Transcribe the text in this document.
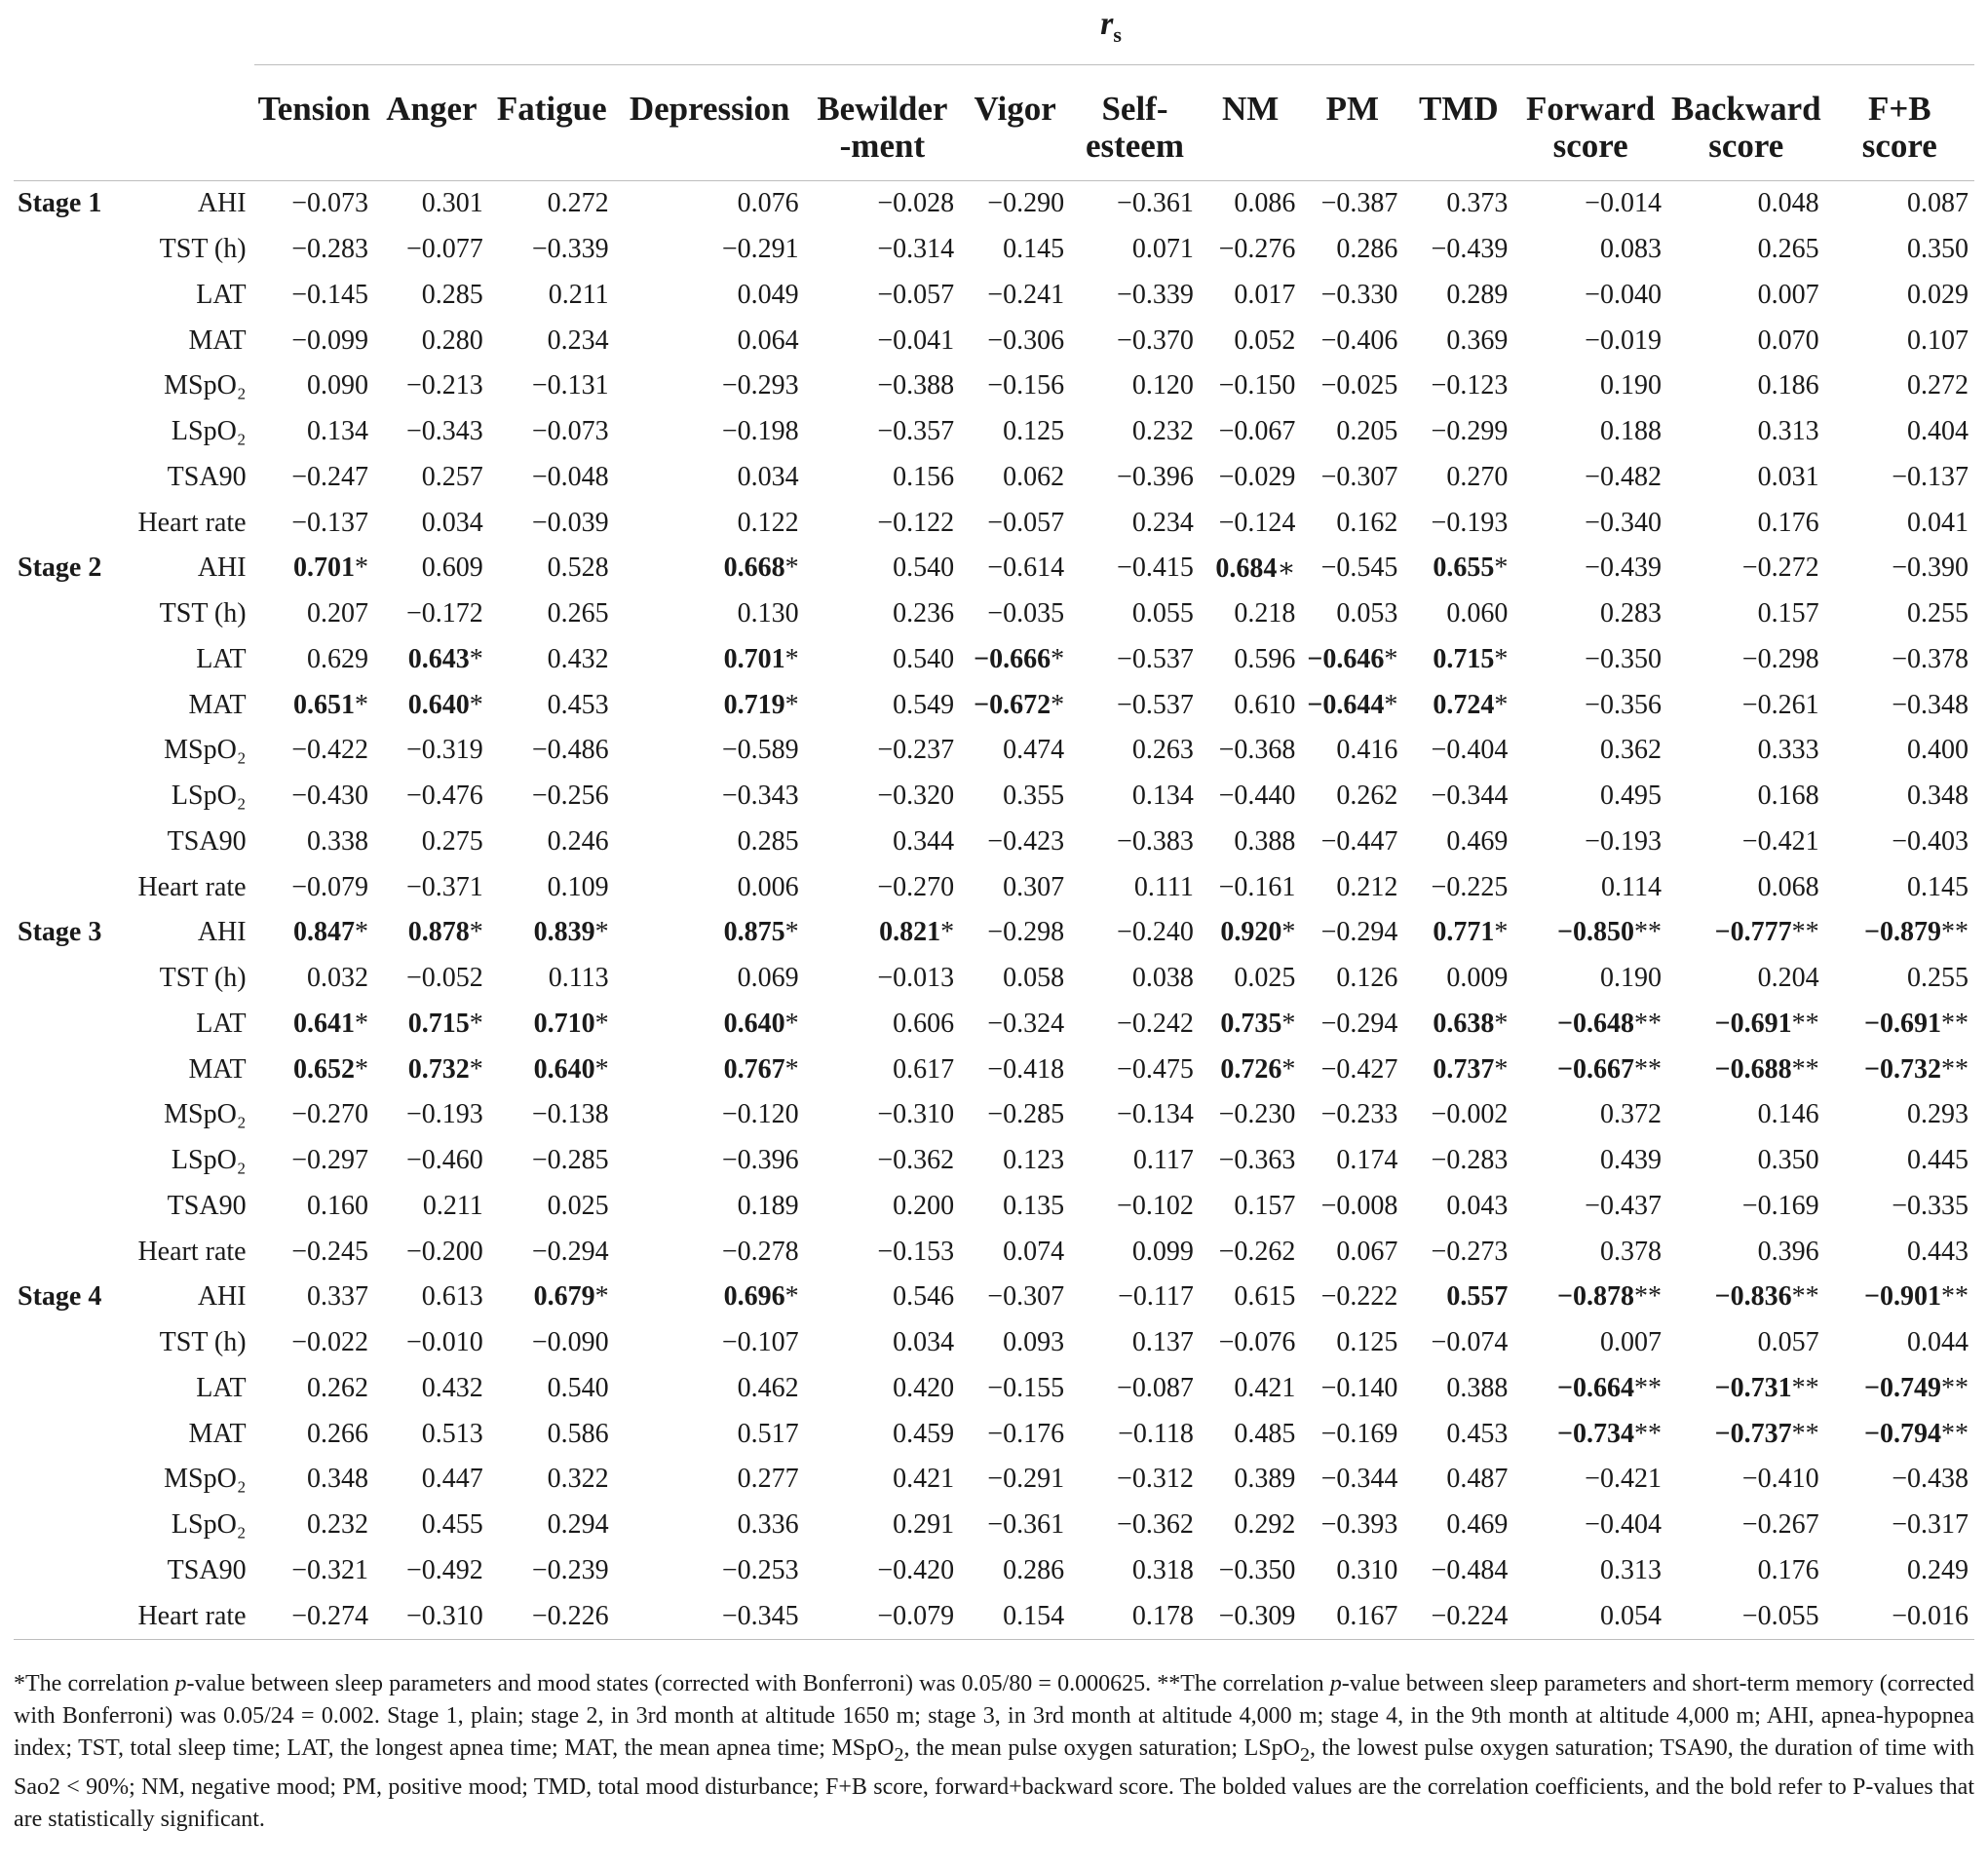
$r_s$
		Tension	Anger	Fatigue	Depression	Bewilder -ment	Vigor	Self- esteem	NM	PM	TMD	Forward score	Backward score	F+B score
Stage 1	AHI	−0.073	0.301	0.272	0.076	−0.028	−0.290	−0.361	0.086	−0.387	0.373	−0.014	0.048	0.087
	TST (h)	−0.283	−0.077	−0.339	−0.291	−0.314	0.145	0.071	−0.276	0.286	−0.439	0.083	0.265	0.350
	LAT	−0.145	0.285	0.211	0.049	−0.057	−0.241	−0.339	0.017	−0.330	0.289	−0.040	0.007	0.029
	MAT	−0.099	0.280	0.234	0.064	−0.041	−0.306	−0.370	0.052	−0.406	0.369	−0.019	0.070	0.107
	MSpO₂	0.090	−0.213	−0.131	−0.293	−0.388	−0.156	0.120	−0.150	−0.025	−0.123	0.190	0.186	0.272
	LSpO₂	0.134	−0.343	−0.073	−0.198	−0.357	0.125	0.232	−0.067	0.205	−0.299	0.188	0.313	0.404
	TSA90	−0.247	0.257	−0.048	0.034	0.156	0.062	−0.396	−0.029	−0.307	0.270	−0.482	0.031	−0.137
	Heart rate	−0.137	0.034	−0.039	0.122	−0.122	−0.057	0.234	−0.124	0.162	−0.193	−0.340	0.176	0.041
Stage 2	AHI	0.701*	0.609	0.528	0.668*	0.540	−0.614	−0.415	0.684∗	−0.545	0.655*	−0.439	−0.272	−0.390
	TST (h)	0.207	−0.172	0.265	0.130	0.236	−0.035	0.055	0.218	0.053	0.060	0.283	0.157	0.255
	LAT	0.629	0.643*	0.432	0.701*	0.540	−0.666*	−0.537	0.596	−0.646*	0.715*	−0.350	−0.298	−0.378
	MAT	0.651*	0.640*	0.453	0.719*	0.549	−0.672*	−0.537	0.610	−0.644*	0.724*	−0.356	−0.261	−0.348
	MSpO₂	−0.422	−0.319	−0.486	−0.589	−0.237	0.474	0.263	−0.368	0.416	−0.404	0.362	0.333	0.400
	LSpO₂	−0.430	−0.476	−0.256	−0.343	−0.320	0.355	0.134	−0.440	0.262	−0.344	0.495	0.168	0.348
	TSA90	0.338	0.275	0.246	0.285	0.344	−0.423	−0.383	0.388	−0.447	0.469	−0.193	−0.421	−0.403
	Heart rate	−0.079	−0.371	0.109	0.006	−0.270	0.307	0.111	−0.161	0.212	−0.225	0.114	0.068	0.145
Stage 3	AHI	0.847*	0.878*	0.839*	0.875*	0.821*	−0.298	−0.240	0.920*	−0.294	0.771*	−0.850**	−0.777**	−0.879**
	TST (h)	0.032	−0.052	0.113	0.069	−0.013	0.058	0.038	0.025	0.126	0.009	0.190	0.204	0.255
	LAT	0.641*	0.715*	0.710*	0.640*	0.606	−0.324	−0.242	0.735*	−0.294	0.638*	−0.648**	−0.691**	−0.691**
	MAT	0.652*	0.732*	0.640*	0.767*	0.617	−0.418	−0.475	0.726*	−0.427	0.737*	−0.667**	−0.688**	−0.732**
	MSpO₂	−0.270	−0.193	−0.138	−0.120	−0.310	−0.285	−0.134	−0.230	−0.233	−0.002	0.372	0.146	0.293
	LSpO₂	−0.297	−0.460	−0.285	−0.396	−0.362	0.123	0.117	−0.363	0.174	−0.283	0.439	0.350	0.445
	TSA90	0.160	0.211	0.025	0.189	0.200	0.135	−0.102	0.157	−0.008	0.043	−0.437	−0.169	−0.335
	Heart rate	−0.245	−0.200	−0.294	−0.278	−0.153	0.074	0.099	−0.262	0.067	−0.273	0.378	0.396	0.443
Stage 4	AHI	0.337	0.613	0.679*	0.696*	0.546	−0.307	−0.117	0.615	−0.222	0.557	−0.878**	−0.836**	−0.901**
	TST (h)	−0.022	−0.010	−0.090	−0.107	0.034	0.093	0.137	−0.076	0.125	−0.074	0.007	0.057	0.044
	LAT	0.262	0.432	0.540	0.462	0.420	−0.155	−0.087	0.421	−0.140	0.388	−0.664**	−0.731**	−0.749**
	MAT	0.266	0.513	0.586	0.517	0.459	−0.176	−0.118	0.485	−0.169	0.453	−0.734**	−0.737**	−0.794**
	MSpO₂	0.348	0.447	0.322	0.277	0.421	−0.291	−0.312	0.389	−0.344	0.487	−0.421	−0.410	−0.438
	LSpO₂	0.232	0.455	0.294	0.336	0.291	−0.361	−0.362	0.292	−0.393	0.469	−0.404	−0.267	−0.317
	TSA90	−0.321	−0.492	−0.239	−0.253	−0.420	0.286	0.318	−0.350	0.310	−0.484	0.313	0.176	0.249
	Heart rate	−0.274	−0.310	−0.226	−0.345	−0.079	0.154	0.178	−0.309	0.167	−0.224	0.054	−0.055	−0.016
*The correlation p-value between sleep parameters and mood states (corrected with Bonferroni) was 0.05/80 = 0.000625. **The correlation p-value between sleep parameters and short-term memory (corrected with Bonferroni) was 0.05/24 = 0.002. Stage 1, plain; stage 2, in 3rd month at altitude 1650 m; stage 3, in 3rd month at altitude 4,000 m; stage 4, in the 9th month at altitude 4,000 m; AHI, apnea-hypopnea index; TST, total sleep time; LAT, the longest apnea time; MAT, the mean apnea time; MSpO$_2$, the mean pulse oxygen saturation; LSpO$_2$, the lowest pulse oxygen saturation; TSA90, the duration of time with Sao2 < 90%; NM, negative mood; PM, positive mood; TMD, total mood disturbance; F+B score, forward+backward score. The bolded values are the correlation coefficients, and the bold refer to P-values that are statistically significant.
